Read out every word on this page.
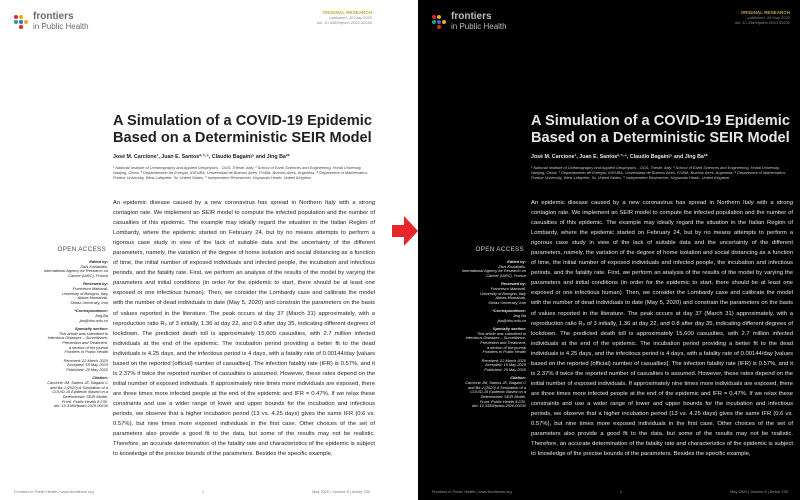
frontiers
in Public Health
ORIGINAL RESEARCH
published: 26 May 2020
doi: 10.3389/fpubh.2020.00230
A Simulation of a COVID-19 Epidemic Based on a Deterministic SEIR Model
José M. Carcione¹, Juan E. Santos²·³·⁴, Claudio Bagaini⁵ and Jing Ba²*
¹ National Institute of Oceanography and Applied Geophysics - OGS, Trieste, Italy, ² School of Earth Sciences and Engineering, Hohai University, Nanjing, China, ³ Departamento de Energía, IDRUBA, Universidad de Buenos Aires, FIUBA, Buenos Aires, Argentina, ⁴ Department of Mathematics, Purdue University, West Lafayette, IN, United States, ⁵ Independent Researcher, Haywards Heath, United Kingdom
OPEN ACCESS
Edited by:
Zisis Kozlakidis,
International Agency for Research on
Cancer (IARC), France
Reviewed by:
Francesco Mainardi,
University of Bologna, Italy
Abbas Montahab,
Shiraz University, Iran
*Correspondence:
Jing Ba
jba@hhu.edu.cn
Specialty section:
This article was submitted to
Infectious Diseases – Surveillance,
Prevention and Treatment,
a section of the journal
Frontiers in Public Health
Received: 22 March 2020
Accepted: 15 May 2020
Published: 29 May 2020
Citation:
Carcione JM, Santos JE, Bagaini C
and Ba J (2020) A Simulation of a
COVID-19 Epidemic Based on a
Deterministic SEIR Model.
Front. Public Health 8:230.
doi: 10.3389/fpubh.2020.00230
An epidemic disease caused by a new coronavirus has spread in Northern Italy with a strong contagion rate. We implement an SEIR model to compute the infected population and the number of casualties of this epidemic. The example may ideally regard the situation in the Italian Region of Lombardy, where the epidemic started on February 24, but by no means attempts to perform a rigorous case study in view of the lack of suitable data and the uncertainty of the different parameters, namely, the variation of the degree of home isolation and social distancing as a function of time, the initial number of exposed individuals and infected people, the incubation and infectious periods, and the fatality rate. First, we perform an analysis of the results of the model by varying the parameters and initial conditions (in order for the epidemic to start, there should be at least one exposed or one infectious human). Then, we consider the Lombardy case and calibrate the model with the number of dead individuals to date (May 5, 2020) and constrain the parameters on the basis of values reported in the literature. The peak occurs at day 37 (March 31) approximately, with a reproduction ratio R₀ of 3 initially, 1.36 at day 22, and 0.8 after day 35, indicating different degrees of lockdown. The predicted death toll is approximately 15,600 casualties, with 2.7 million infected individuals at the end of the epidemic. The incubation period providing a better fit to the dead individuals is 4.25 days, and the infectious period is 4 days, with a fatality rate of 0.00144/day [values based on the reported (official) number of casualties]. The infection fatality rate (IFR) is 0.57%, and it is 2.37% if twice the reported number of casualties is assumed. However, these rates depend on the initial number of exposed individuals. If approximately nine times more individuals are exposed, there are three times more infected people at the end of the epidemic and IFR = 0.47%. If we relax these constraints and use a wider range of lower and upper bounds for the incubation and infectious periods, we observe that a higher incubation period (13 vs. 4.25 days) gives the same IFR (0.6 vs. 0.57%), but nine times more exposed individuals in the first case. Other choices of the set of parameters also provide a good fit to the data, but some of the results may not be realistic. Therefore, an accurate determination of the fatality rate and characteristics of the epidemic is subject to knowledge of the precise bounds of the parameters. Besides the specific example,
Frontiers in Public Health | www.frontiersin.org	1	May 2020 | Volume 8 | Article 230
frontiers
in Public Health
ORIGINAL RESEARCH
published: 26 May 2020
doi: 10.3389/fpubh.2020.00230
A Simulation of a COVID-19 Epidemic Based on a Deterministic SEIR Model
José M. Carcione¹, Juan E. Santos²·³·⁴, Claudio Bagaini⁵ and Jing Ba²*
¹ National Institute of Oceanography and Applied Geophysics - OGS, Trieste, Italy, ² School of Earth Sciences and Engineering, Hohai University, Nanjing, China, ³ Departamento de Energía, IDRUBA, Universidad de Buenos Aires, FIUBA, Buenos Aires, Argentina, ⁴ Department of Mathematics, Purdue University, West Lafayette, IN, United States, ⁵ Independent Researcher, Haywards Heath, United Kingdom
OPEN ACCESS
Edited by:
Zisis Kozlakidis,
International Agency for Research on
Cancer (IARC), France
Reviewed by:
Francesco Mainardi,
University of Bologna, Italy
Abbas Montahab,
Shiraz University, Iran
*Correspondence:
Jing Ba
jba@hhu.edu.cn
Specialty section:
This article was submitted to
Infectious Diseases – Surveillance,
Prevention and Treatment,
a section of the journal
Frontiers in Public Health
Received: 22 March 2020
Accepted: 15 May 2020
Published: 29 May 2020
Citation:
Carcione JM, Santos JE, Bagaini C
and Ba J (2020) A Simulation of a
COVID-19 Epidemic Based on a
Deterministic SEIR Model.
Front. Public Health 8:230.
doi: 10.3389/fpubh.2020.00230
An epidemic disease caused by a new coronavirus has spread in Northern Italy with a strong contagion rate. We implement an SEIR model to compute the infected population and the number of casualties of this epidemic. The example may ideally regard the situation in the Italian Region of Lombardy, where the epidemic started on February 24, but by no means attempts to perform a rigorous case study in view of the lack of suitable data and the uncertainty of the different parameters, namely, the variation of the degree of home isolation and social distancing as a function of time, the initial number of exposed individuals and infected people, the incubation and infectious periods, and the fatality rate. First, we perform an analysis of the results of the model by varying the parameters and initial conditions (in order for the epidemic to start, there should be at least one exposed or one infectious human). Then, we consider the Lombardy case and calibrate the model with the number of dead individuals to date (May 5, 2020) and constrain the parameters on the basis of values reported in the literature. The peak occurs at day 37 (March 31) approximately, with a reproduction ratio R₀ of 3 initially, 1.36 at day 22, and 0.8 after day 35, indicating different degrees of lockdown. The predicted death toll is approximately 15,600 casualties, with 2.7 million infected individuals at the end of the epidemic. The incubation period providing a better fit to the dead individuals is 4.25 days, and the infectious period is 4 days, with a fatality rate of 0.00144/day [values based on the reported (official) number of casualties]. The infection fatality rate (IFR) is 0.57%, and it is 2.37% if twice the reported number of casualties is assumed. However, these rates depend on the initial number of exposed individuals. If approximately nine times more individuals are exposed, there are three times more infected people at the end of the epidemic and IFR = 0.47%. If we relax these constraints and use a wider range of lower and upper bounds for the incubation and infectious periods, we observe that a higher incubation period (13 vs. 4.25 days) gives the same IFR (0.6 vs. 0.57%), but nine times more exposed individuals in the first case. Other choices of the set of parameters also provide a good fit to the data, but some of the results may not be realistic. Therefore, an accurate determination of the fatality rate and characteristics of the epidemic is subject to knowledge of the precise bounds of the parameters. Besides the specific example,
Frontiers in Public Health | www.frontiersin.org	1	May 2020 | Volume 8 | Article 230
